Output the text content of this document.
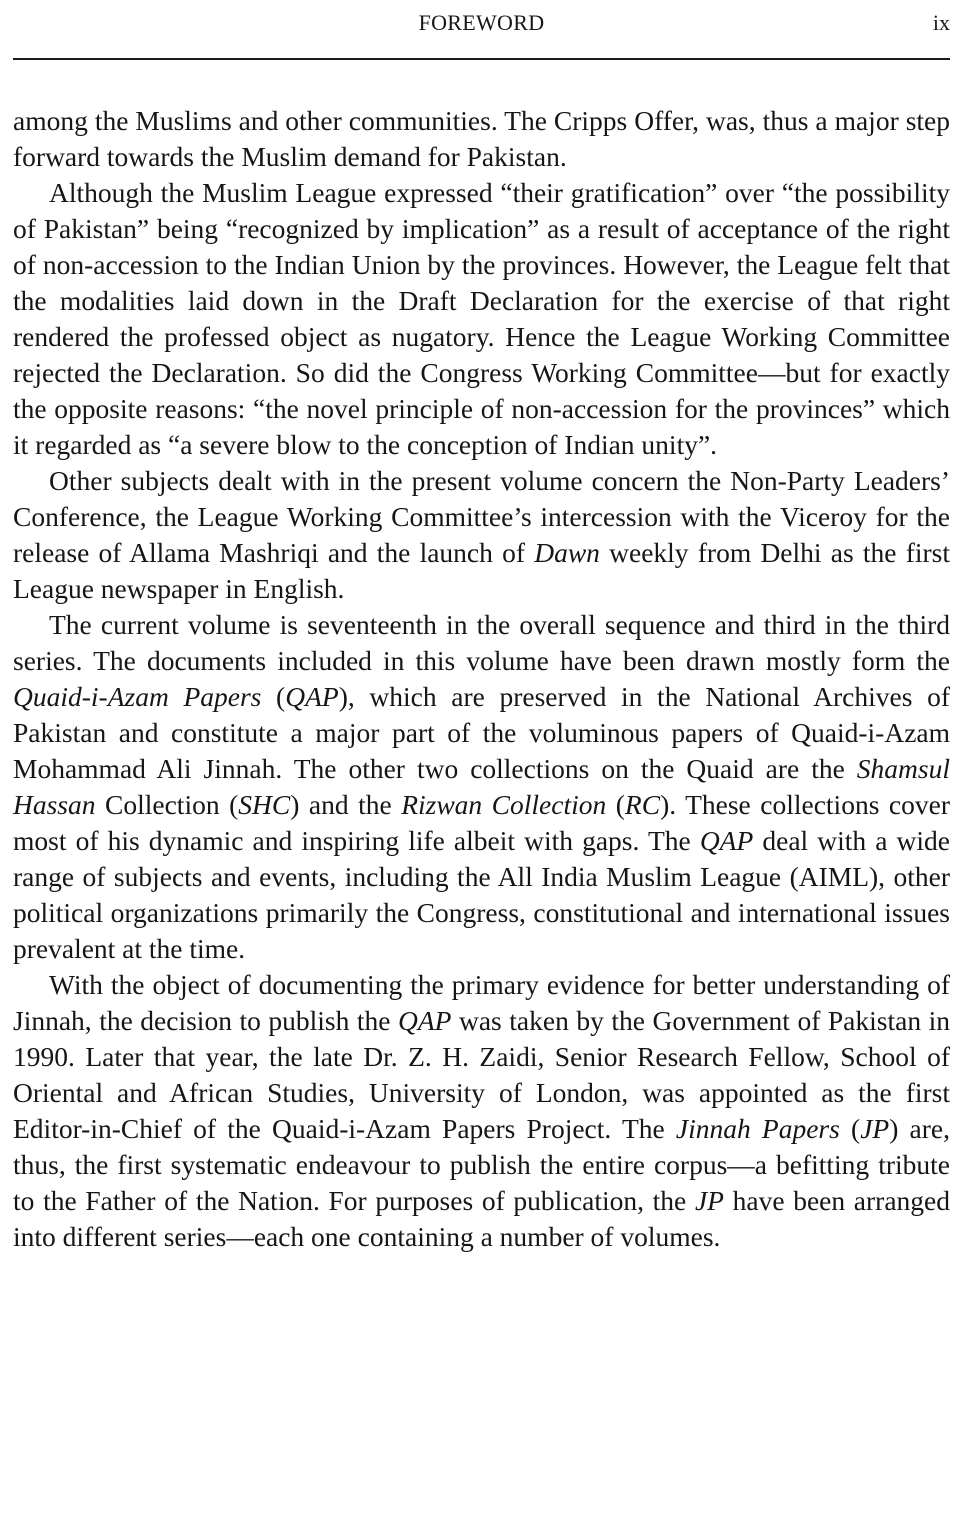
FOREWORD	ix

among the Muslims and other communities. The Cripps Offer, was, thus a major step forward towards the Muslim demand for Pakistan.

Although the Muslim League expressed “their gratification” over “the possibility of Pakistan” being “recognized by implication” as a result of acceptance of the right of non-accession to the Indian Union by the provinces. However, the League felt that the modalities laid down in the Draft Declaration for the exercise of that right rendered the professed object as nugatory. Hence the League Working Committee rejected the Declaration. So did the Congress Working Committee—but for exactly the opposite reasons: “the novel principle of non-accession for the provinces” which it regarded as “a severe blow to the conception of Indian unity”.

Other subjects dealt with in the present volume concern the Non-Party Leaders’ Conference, the League Working Committee’s intercession with the Viceroy for the release of Allama Mashriqi and the launch of Dawn weekly from Delhi as the first League newspaper in English.

The current volume is seventeenth in the overall sequence and third in the third series. The documents included in this volume have been drawn mostly form the Quaid-i-Azam Papers (QAP), which are preserved in the National Archives of Pakistan and constitute a major part of the voluminous papers of Quaid-i-Azam Mohammad Ali Jinnah. The other two collections on the Quaid are the Shamsul Hassan Collection (SHC) and the Rizwan Collection (RC). These collections cover most of his dynamic and inspiring life albeit with gaps. The QAP deal with a wide range of subjects and events, including the All India Muslim League (AIML), other political organizations primarily the Congress, constitutional and international issues prevalent at the time.

With the object of documenting the primary evidence for better understanding of Jinnah, the decision to publish the QAP was taken by the Government of Pakistan in 1990. Later that year, the late Dr. Z. H. Zaidi, Senior Research Fellow, School of Oriental and African Studies, University of London, was appointed as the first Editor-in-Chief of the Quaid-i-Azam Papers Project. The Jinnah Papers (JP) are, thus, the first systematic endeavour to publish the entire corpus—a befitting tribute to the Father of the Nation. For purposes of publication, the JP have been arranged into different series—each one containing a number of volumes.
